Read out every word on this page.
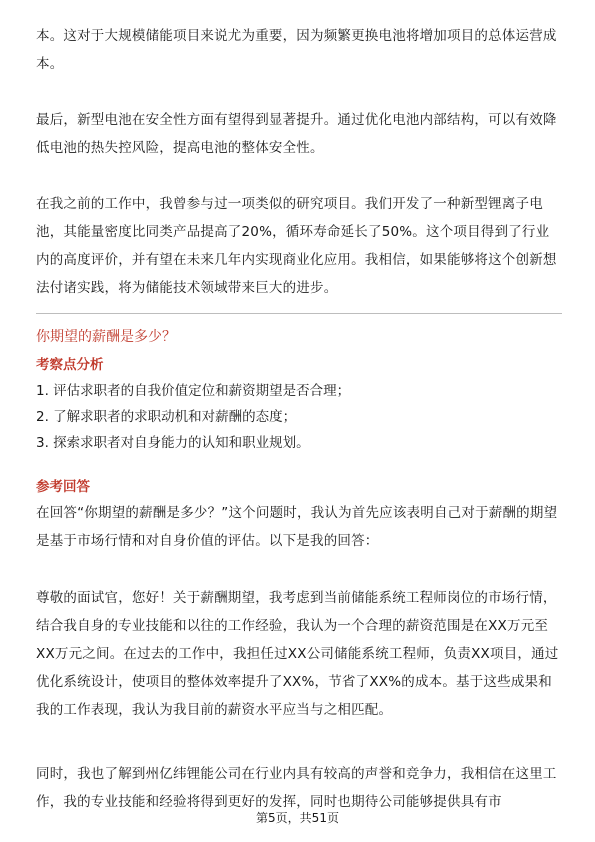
本。这对于大规模储能项目来说尤为重要，因为频繁更换电池将增加项目的总体运营成本。

最后，新型电池在安全性方面有望得到显著提升。通过优化电池内部结构，可以有效降低电池的热失控风险，提高电池的整体安全性。

在我之前的工作中，我曾参与过一项类似的研究项目。我们开发了一种新型锂离子电池，其能量密度比同类产品提高了20%，循环寿命延长了50%。这个项目得到了行业内的高度评价，并有望在未来几年内实现商业化应用。我相信，如果能够将这个创新想法付诸实践，将为储能技术领域带来巨大的进步。

你期望的薪酬是多少？
考察点分析
1. 评估求职者的自我价值定位和薪资期望是否合理；
2. 了解求职者的求职动机和对薪酬的态度；
3. 探索求职者对自身能力的认知和职业规划。
参考回答

在回答“你期望的薪酬是多少？”这个问题时，我认为首先应该表明自己对于薪酬的期望是基于市场行情和对自身价值的评估。以下是我的回答：

尊敬的面试官，您好！关于薪酬期望，我考虑到当前储能系统工程师岗位的市场行情，结合我自身的专业技能和以往的工作经验，我认为一个合理的薪资范围是在XX万元至XX万元之间。在过去的工作中，我担任过XX公司储能系统工程师，负责XX项目，通过优化系统设计，使项目的整体效率提升了XX%，节省了XX%的成本。基于这些成果和我的工作表现，我认为我目前的薪资水平应当与之相匹配。

同时，我也了解到州亿纬锂能公司在行业内具有较高的声誉和竞争力，我相信在这里工作，我的专业技能和经验将得到更好的发挥，同时也期待公司能够提供具有市

第5页，共51页
